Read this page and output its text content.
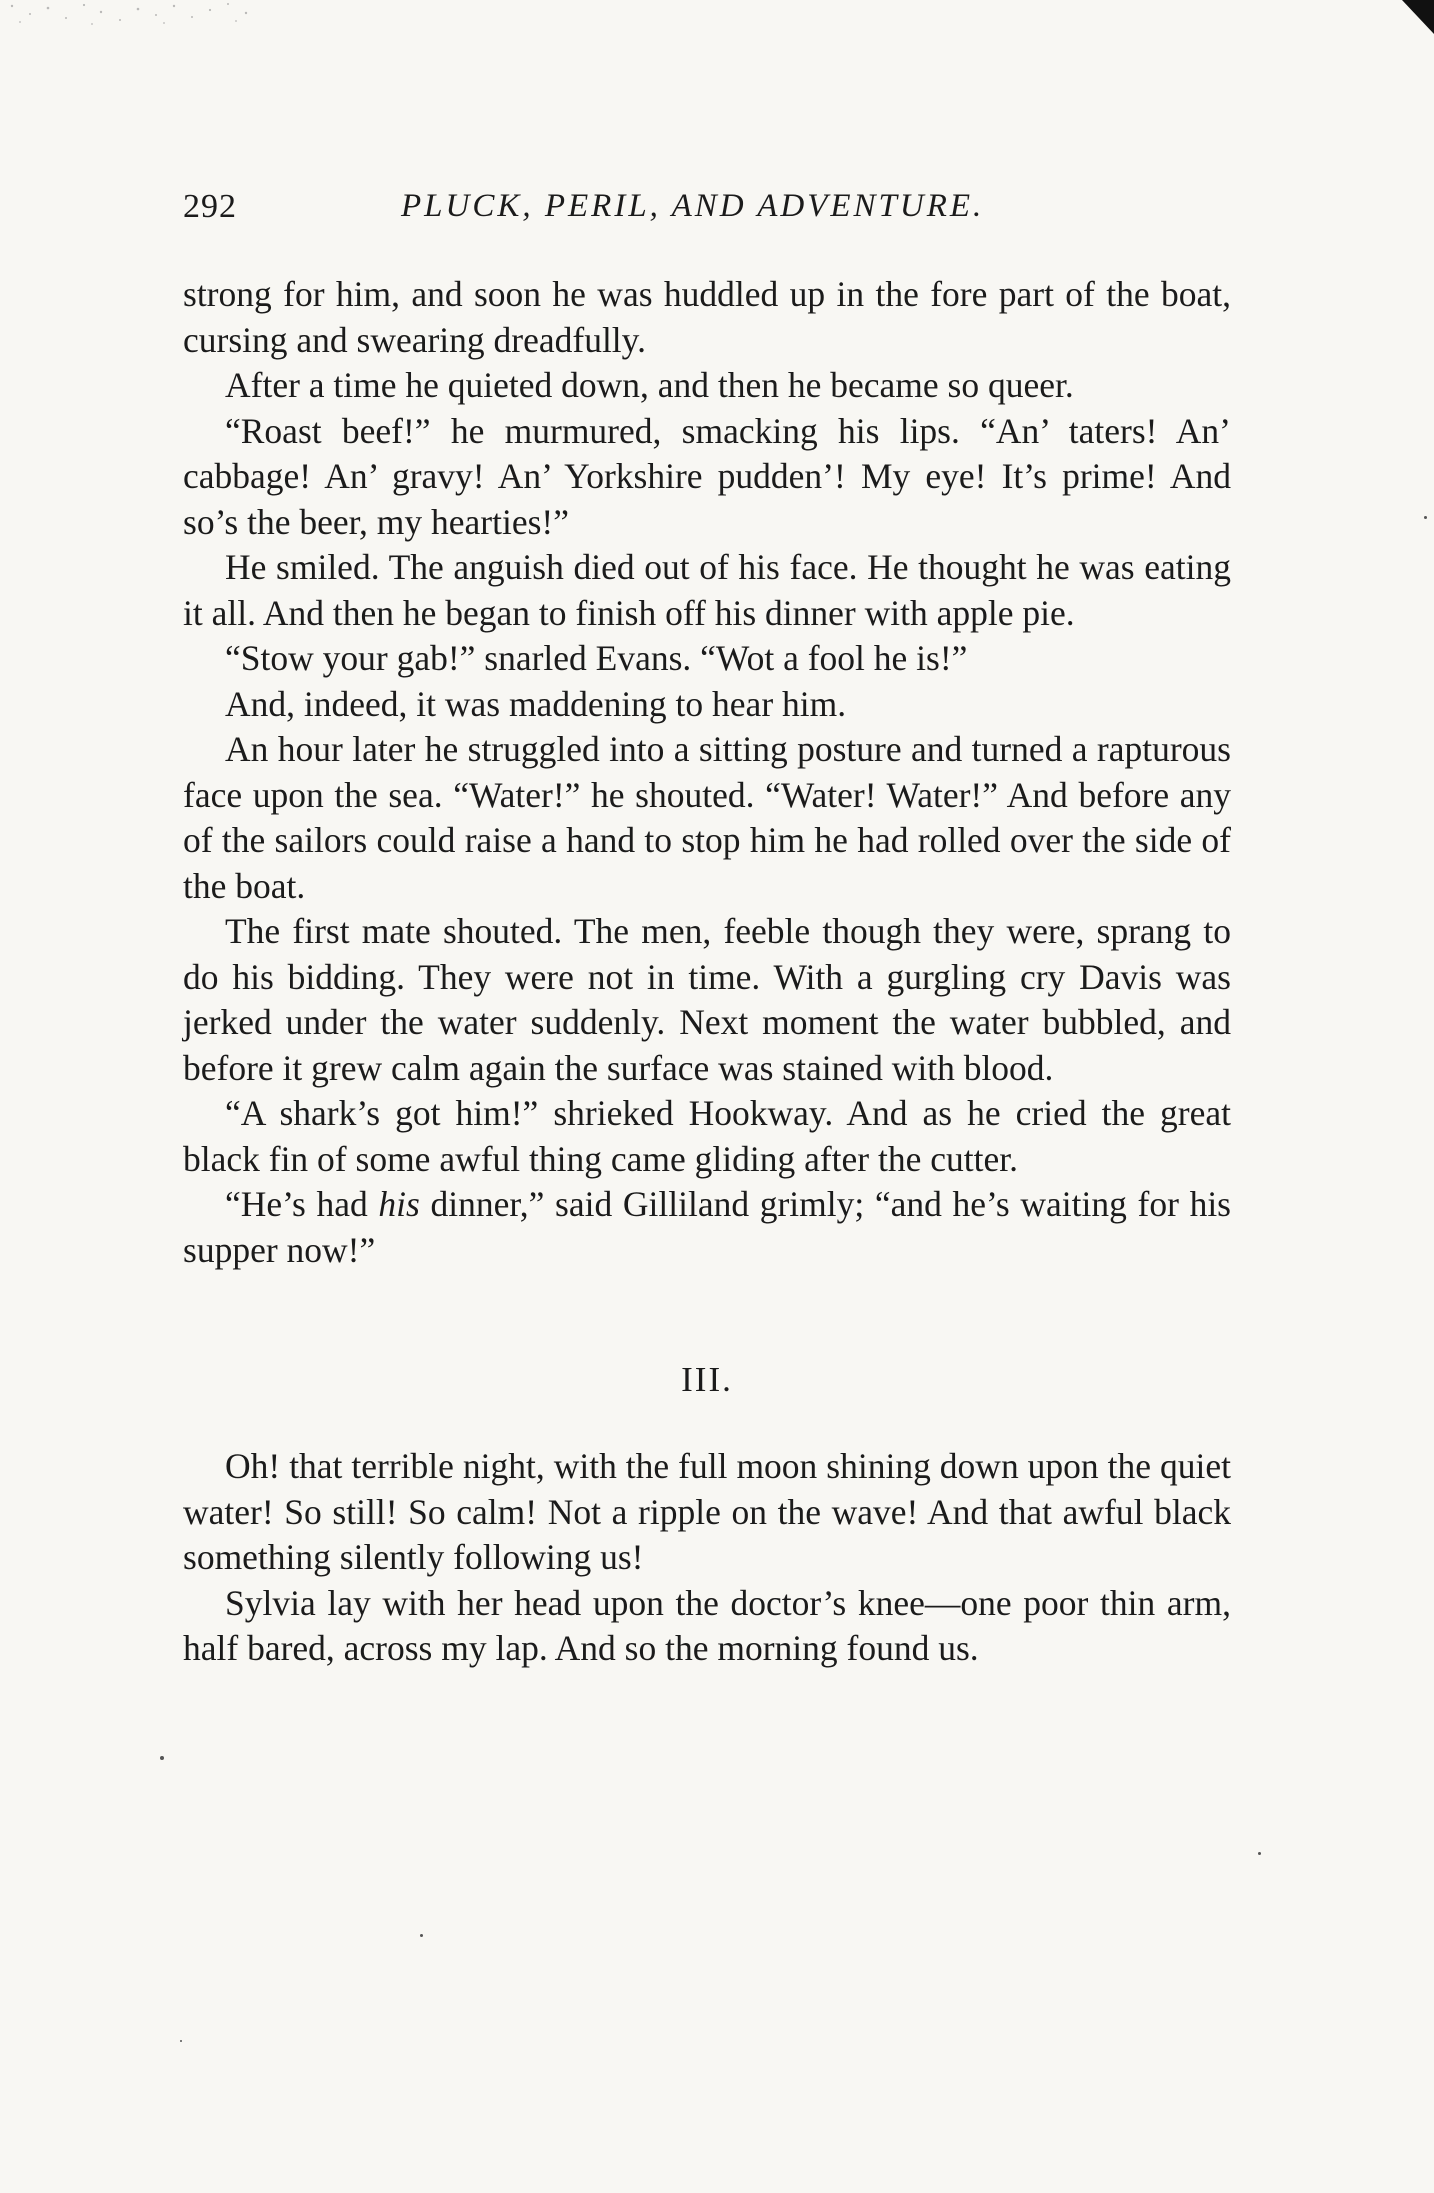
292	PLUCK, PERIL, AND ADVENTURE.

strong for him, and soon he was huddled up in the fore part of the boat, cursing and swearing dreadfully.

After a time he quieted down, and then he became so queer.

“Roast beef!” he murmured, smacking his lips. “An’ taters! An’ cabbage! An’ gravy! An’ Yorkshire pudden’! My eye! It’s prime! And so’s the beer, my hearties!”

He smiled. The anguish died out of his face. He thought he was eating it all. And then he began to finish off his dinner with apple pie.

“Stow your gab!” snarled Evans. “Wot a fool he is!”

And, indeed, it was maddening to hear him.

An hour later he struggled into a sitting posture and turned a rapturous face upon the sea. “Water!” he shouted. “Water! Water!” And before any of the sailors could raise a hand to stop him he had rolled over the side of the boat.

The first mate shouted. The men, feeble though they were, sprang to do his bidding. They were not in time. With a gurgling cry Davis was jerked under the water suddenly. Next moment the water bubbled, and before it grew calm again the surface was stained with blood.

“A shark’s got him!” shrieked Hookway. And as he cried the great black fin of some awful thing came gliding after the cutter.

“He’s had his dinner,” said Gilliland grimly; “and he’s waiting for his supper now!”

III.

Oh! that terrible night, with the full moon shining down upon the quiet water! So still! So calm! Not a ripple on the wave! And that awful black something silently following us!

Sylvia lay with her head upon the doctor’s knee—one poor thin arm, half bared, across my lap. And so the morning found us.
